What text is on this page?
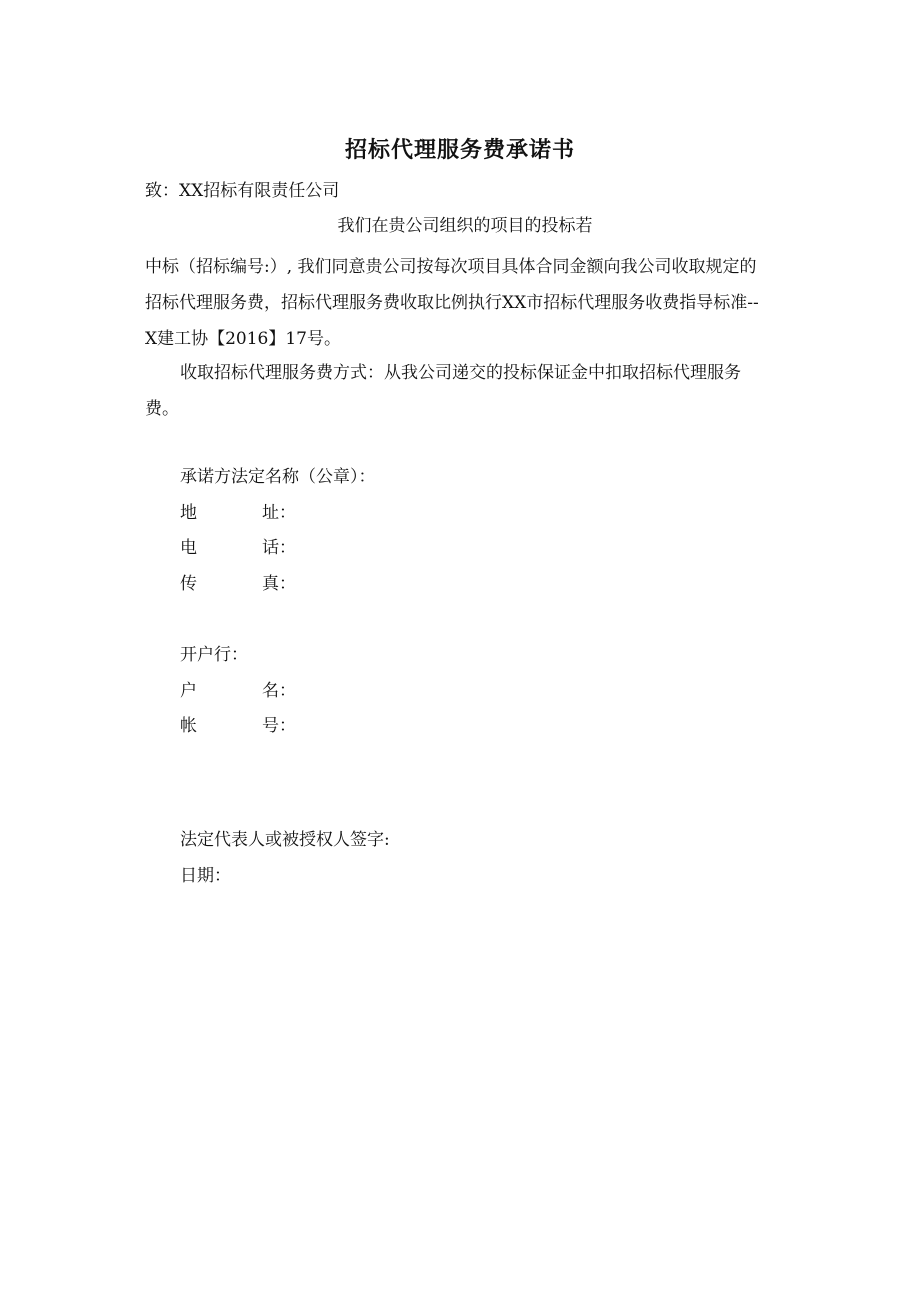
招标代理服务费承诺书
致：XX招标有限责任公司
我们在贵公司组织的项目的投标若
中标（招标编号:）, 我们同意贵公司按每次项目具体合同金额向我公司收取规定的
招标代理服务费，招标代理服务费收取比例执行XX市招标代理服务收费指导标准--
X建工协【2016】17号。
收取招标代理服务费方式：从我公司递交的投标保证金中扣取招标代理服务
费。
承诺方法定名称（公章）：
地	址：
电	话：
传	真：
开户行：
户	名：
帐	号：
法定代表人或被授权人签字:
日期：
